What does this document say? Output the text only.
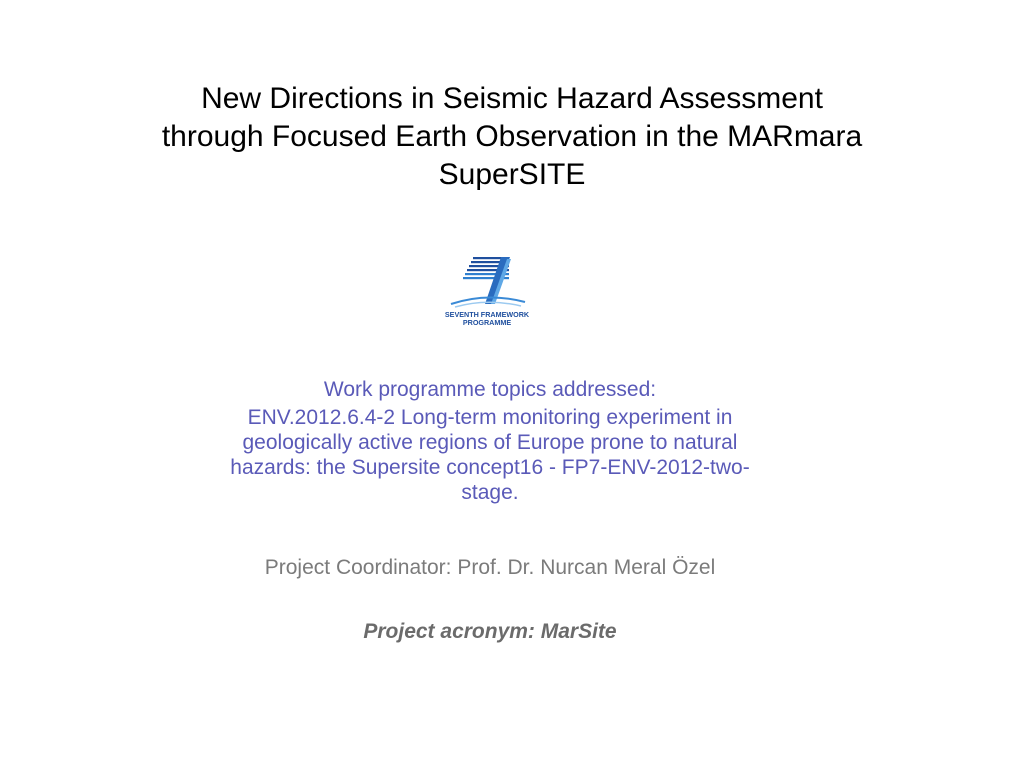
New Directions in Seismic Hazard Assessment
through Focused Earth Observation in the MARmara
SuperSITE
SEVENTH FRAMEWORK
PROGRAMME
Work programme topics addressed:
ENV.2012.6.4-2 Long-term monitoring experiment in
geologically active regions of Europe prone to natural
hazards: the Supersite concept16 - FP7-ENV-2012-two-
stage.
Project Coordinator: Prof. Dr. Nurcan Meral Özel
Project acronym: MarSite
